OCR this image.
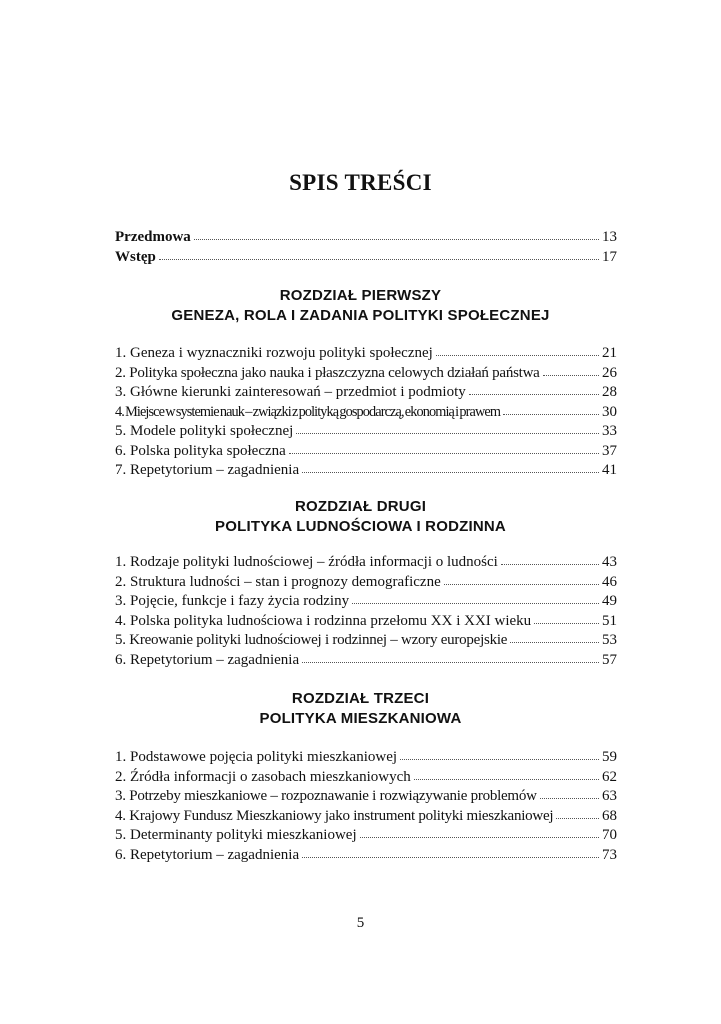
SPIS TREŚCI
Przedmowa	13
Wstęp	17
ROZDZIAŁ PIERWSZY
GENEZA, ROLA I ZADANIA POLITYKI SPOŁECZNEJ
1. Geneza i wyznaczniki rozwoju polityki społecznej	21
2. Polityka społeczna jako nauka i płaszczyzna celowych działań państwa	26
3. Główne kierunki zainteresowań – przedmiot i podmioty	28
4. Miejsce w systemie nauk – związki z polityką gospodarczą, ekonomią i prawem	30
5. Modele polityki społecznej	33
6. Polska polityka społeczna	37
7. Repetytorium – zagadnienia	41
ROZDZIAŁ DRUGI
POLITYKA LUDNOŚCIOWA I RODZINNA
1. Rodzaje polityki ludnościowej – źródła informacji o ludności	43
2. Struktura ludności – stan i prognozy demograficzne	46
3. Pojęcie, funkcje i fazy życia rodziny	49
4. Polska polityka ludnościowa i rodzinna przełomu XX i XXI wieku	51
5. Kreowanie polityki ludnościowej i rodzinnej – wzory europejskie	53
6. Repetytorium – zagadnienia	57
ROZDZIAŁ TRZECI
POLITYKA MIESZKANIOWA
1. Podstawowe pojęcia polityki mieszkaniowej	59
2. Źródła informacji o zasobach mieszkaniowych	62
3. Potrzeby mieszkaniowe – rozpoznawanie i rozwiązywanie problemów	63
4. Krajowy Fundusz Mieszkaniowy jako instrument polityki mieszkaniowej	68
5. Determinanty polityki mieszkaniowej	70
6. Repetytorium – zagadnienia	73
5
